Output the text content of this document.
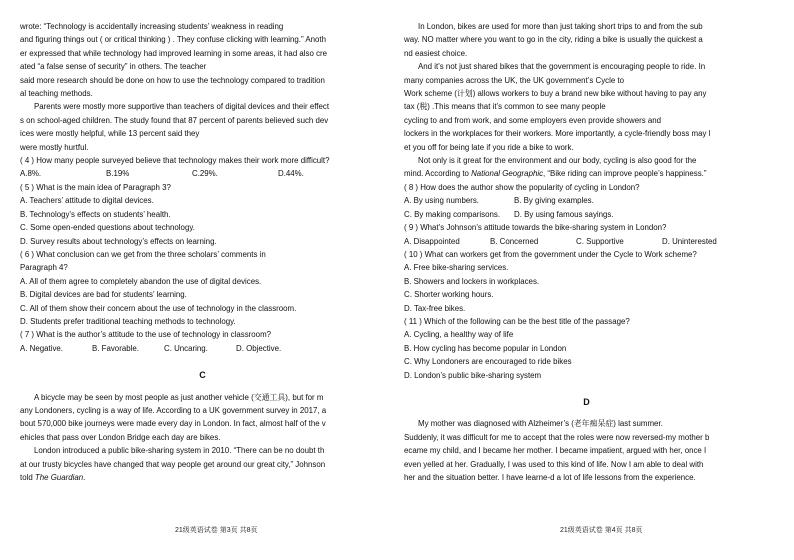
wrote: “Technology is accidentally increasing students’ weakness in reading

and figuring things out ( or critical thinking ) . They confuse clicking with learning.” Anoth

er expressed that while technology had improved learning in some areas, it had also cre

ated “a false sense of security” in others. The teacher

said more research should be done on how to use the technology compared to tradition

al teaching methods.

Parents were mostly more supportive than teachers of digital devices and their effect

s on school-aged children. The study found that 87 percent of parents believed such dev

ices were mostly helpful, while 13 percent said they

were mostly hurtful.

( 4 ) How many people surveyed believe that technology makes their work more difficult?

A.8%.	B.19%	C.29%.	D.44%.

( 5 ) What is the main idea of Paragraph 3?

A. Teachers’ attitude to digital devices.

B. Technology’s effects on students’ health.

C. Some open-ended questions about technology.

D. Survey results about technology’s effects on learning.

( 6 ) What conclusion can we get from the three scholars’ comments in

Paragraph 4?

A. All of them agree to completely abandon the use of digital devices.

B. Digital devices are bad for students’ learning.

C. All of them show their concern about the use of technology in the classroom.

D. Students prefer traditional teaching methods to technology.

( 7 ) What is the author’s attitude to the use of technology in classroom?

A. Negative.	B. Favorable.	C. Uncaring.	D. Objective.

C

A bicycle may be seen by most people as just another vehicle (交通工具), but for m

any Londoners, cycling is a way of life. According to a UK government survey in 2017, a

bout 570,000 bike journeys were made every day in London. In fact, almost half of the v

ehicles that pass over London Bridge each day are bikes.

London introduced a public bike-sharing system in 2010. “There can be no doubt th

at our trusty bicycles have changed that way people get around our great city,” Johnson

told The Guardian.

In London, bikes are used for more than just taking short trips to and from the sub

way. NO matter where you want to go in the city, riding a bike is usually the quickest a

nd easiest choice.

And it’s not just shared bikes that the government is encouraging people to ride. In

many companies across the UK, the UK government’s Cycle to

Work scheme (计划) allows workers to buy a brand new bike without having to pay any

tax (税) .This means that it’s common to see many people

cycling to and from work, and some employers even provide showers and

lockers in the workplaces for their workers. More importantly, a cycle-friendly boss may l

et you off for being late if you ride a bike to work.

Not only is it great for the environment and our body, cycling is also good for the

mind. According to National Geographic, “Bike riding can improve people’s happiness.”

( 8 ) How does the author show the popularity of cycling in London?

A. By using numbers.	B. By giving examples.

C. By making comparisons.	D. By using famous sayings.

( 9 ) What’s Johnson’s attitude towards the bike-sharing system in London?

A. Disappointed	B. Concerned	C. Supportive	D. Uninterested

( 10 ) What can workers get from the government under the Cycle to Work scheme?

A. Free bike-sharing services.

B. Showers and lockers in workplaces.

C. Shorter working hours.

D. Tax-free bikes.

( 11 ) Which of the following can be the best title of the passage?

A. Cycling, a healthy way of life

B. How cycling has become popular in London

C. Why Londoners are encouraged to ride bikes

D. London’s public bike-sharing system

D

My mother was diagnosed with Alzheimer’s (老年痴呆症) last summer.

Suddenly, it was difficult for me to accept that the roles were now reversed-my mother b

ecame my child, and I became her mother. I became impatient, argued with her, once I

even yelled at her. Gradually, I was used to this kind of life. Now I am able to deal with

her and the situation better. I have learne-d a lot of life lessons from the experience.

21级英语试卷 第3页 共8页	21级英语试卷 第4页 共8页
